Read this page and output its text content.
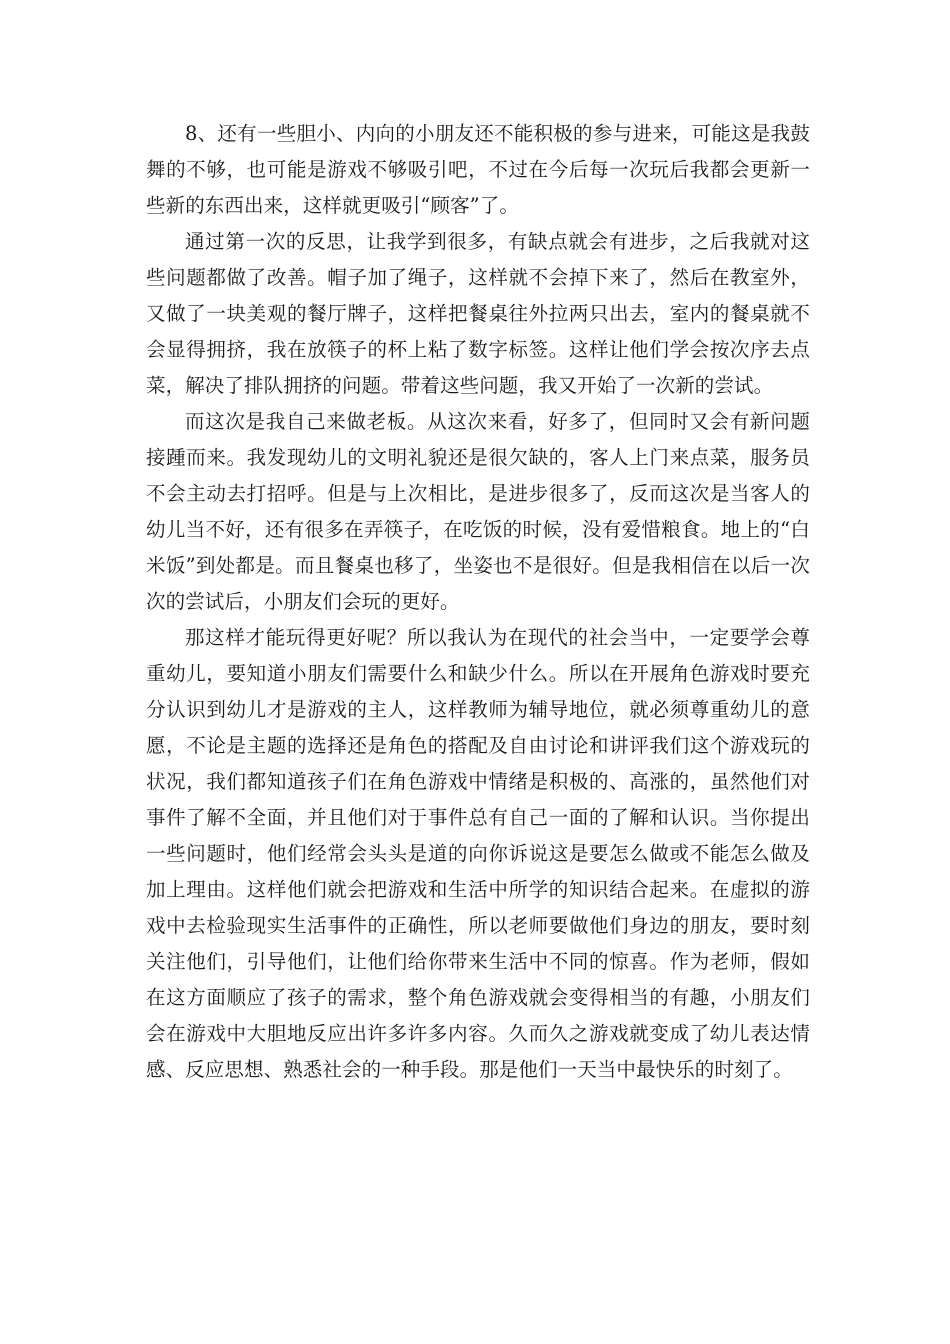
8、还有一些胆小、内向的小朋友还不能积极的参与进来，可能这是我鼓舞的不够，也可能是游戏不够吸引吧，不过在今后每一次玩后我都会更新一些新的东西出来，这样就更吸引“顾客”了。

通过第一次的反思，让我学到很多，有缺点就会有进步，之后我就对这些问题都做了改善。帽子加了绳子，这样就不会掉下来了，然后在教室外，又做了一块美观的餐厅牌子，这样把餐桌往外拉两只出去，室内的餐桌就不会显得拥挤，我在放筷子的杯上粘了数字标签。这样让他们学会按次序去点菜，解决了排队拥挤的问题。带着这些问题，我又开始了一次新的尝试。

而这次是我自己来做老板。从这次来看，好多了，但同时又会有新问题接踵而来。我发现幼儿的文明礼貌还是很欠缺的，客人上门来点菜，服务员不会主动去打招呼。但是与上次相比，是进步很多了，反而这次是当客人的幼儿当不好，还有很多在弄筷子，在吃饭的时候，没有爱惜粮食。地上的“白米饭”到处都是。而且餐桌也移了，坐姿也不是很好。但是我相信在以后一次次的尝试后，小朋友们会玩的更好。

那这样才能玩得更好呢？所以我认为在现代的社会当中，一定要学会尊重幼儿，要知道小朋友们需要什么和缺少什么。所以在开展角色游戏时要充分认识到幼儿才是游戏的主人，这样教师为辅导地位，就必须尊重幼儿的意愿，不论是主题的选择还是角色的搭配及自由讨论和讲评我们这个游戏玩的状况，我们都知道孩子们在角色游戏中情绪是积极的、高涨的，虽然他们对事件了解不全面，并且他们对于事件总有自己一面的了解和认识。当你提出一些问题时，他们经常会头头是道的向你诉说这是要怎么做或不能怎么做及加上理由。这样他们就会把游戏和生活中所学的知识结合起来。在虚拟的游戏中去检验现实生活事件的正确性，所以老师要做他们身边的朋友，要时刻关注他们，引导他们，让他们给你带来生活中不同的惊喜。作为老师，假如在这方面顺应了孩子的需求，整个角色游戏就会变得相当的有趣，小朋友们会在游戏中大胆地反应出许多许多内容。久而久之游戏就变成了幼儿表达情感、反应思想、熟悉社会的一种手段。那是他们一天当中最快乐的时刻了。
